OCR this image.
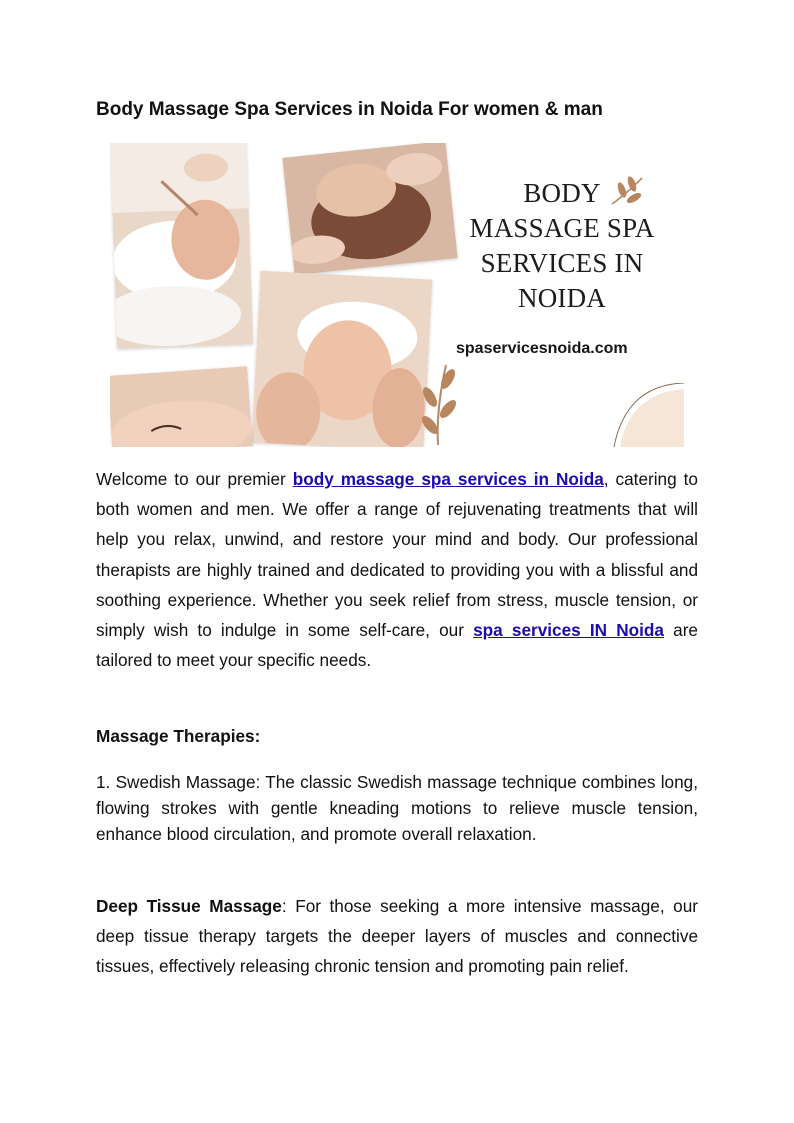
Body Massage Spa Services in Noida For women & man
BODY
MASSAGE SPA
SERVICES IN
NOIDA
spaservicesnoida.com

Welcome to our premier body massage spa services in Noida, catering to both women and men. We offer a range of rejuvenating treatments that will help you relax, unwind, and restore your mind and body. Our professional therapists are highly trained and dedicated to providing you with a blissful and soothing experience. Whether you seek relief from stress, muscle tension, or simply wish to indulge in some self-care, our spa services IN Noida are tailored to meet your specific needs.

Massage Therapies:

1. Swedish Massage: The classic Swedish massage technique combines long, flowing strokes with gentle kneading motions to relieve muscle tension, enhance blood circulation, and promote overall relaxation.

Deep Tissue Massage: For those seeking a more intensive massage, our deep tissue therapy targets the deeper layers of muscles and connective tissues, effectively releasing chronic tension and promoting pain relief.
